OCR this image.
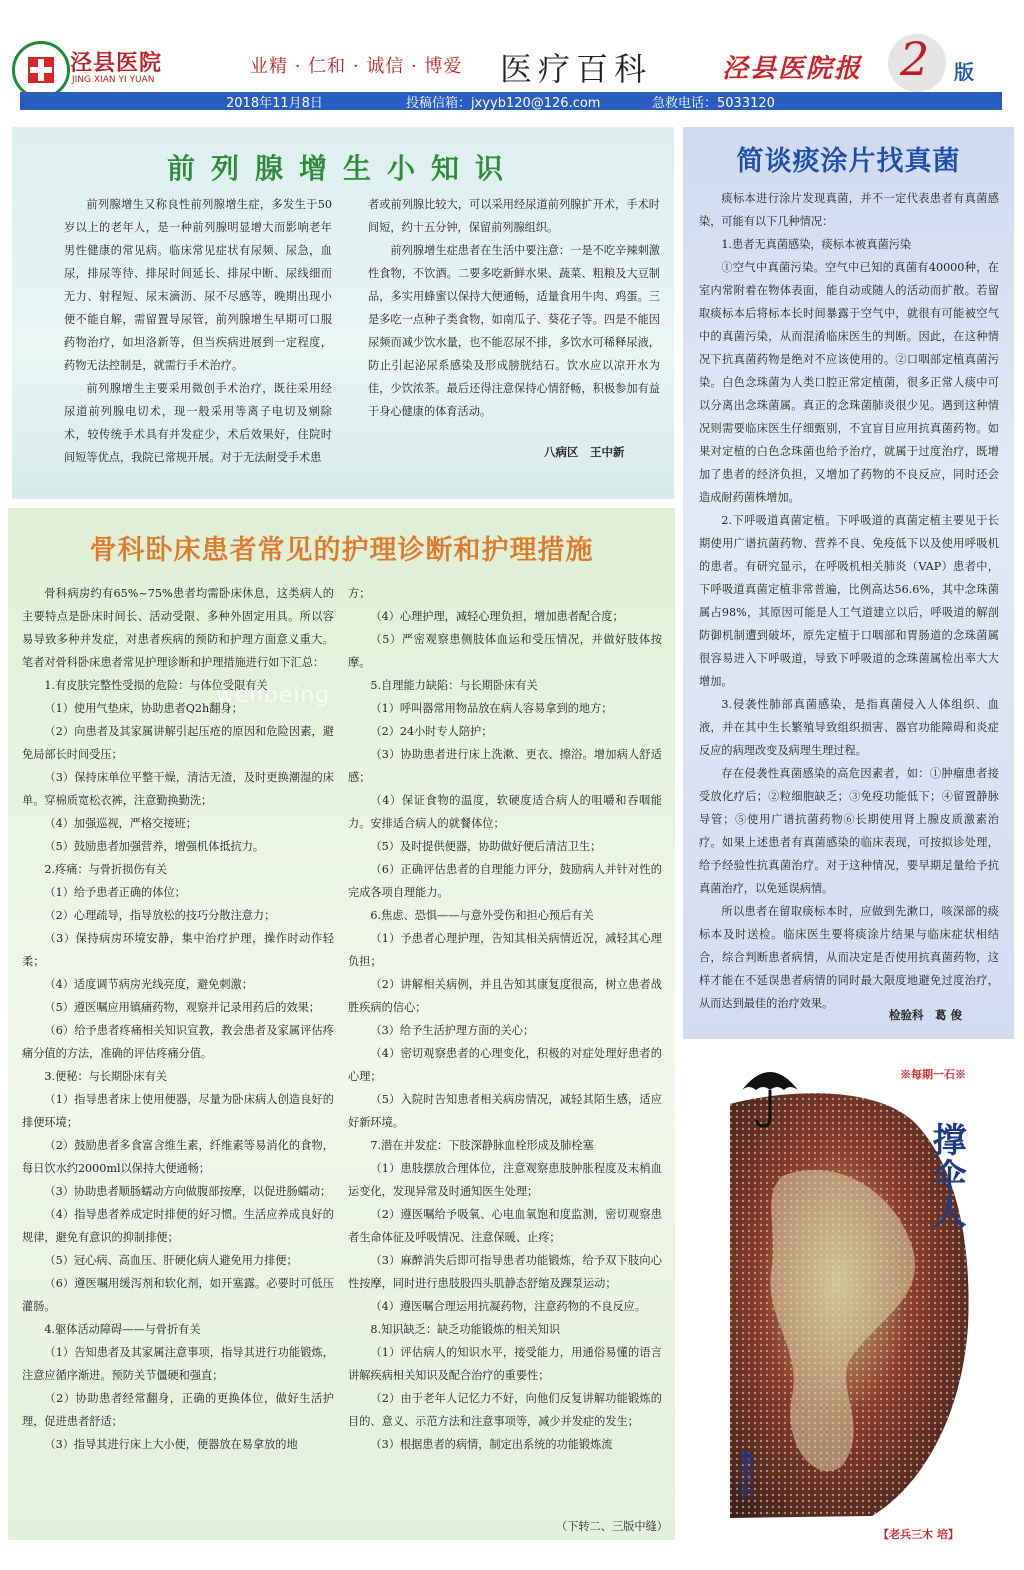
泾县医院
JING XIAN YI YUAN
业精 · 仁和 · 诚信 · 博爱 医疗百科	泾县医院报 2 版
2018年11月8日	投稿信箱：jxyyb120@126.com	急救电话：5033120
前列腺增生小知识

前列腺增生又称良性前列腺增生症，多发生于50岁以上的老年人，是一种前列腺明显增大而影响老年男性健康的常见病。临床常见症状有尿频、尿急，血尿，排尿等待、排尿时间延长、排尿中断、尿线细而无力、射程短、尿末滴沥、尿不尽感等，晚期出现小便不能自解，需留置导尿管，前列腺增生早期可口服药物治疗，如坦洛新等，但当疾病进展到一定程度，药物无法控制是，就需行手术治疗。

前列腺增生主要采用微创手术治疗，既往采用经尿道前列腺电切术，现一般采用等离子电切及剜除术，较传统手术具有并发症少，术后效果好，住院时间短等优点，我院已常规开展。对于无法耐受手术患

者或前列腺比较大，可以采用经尿道前列腺扩开术，手术时间短，约十五分钟，保留前列腺组织。

前列腺增生症患者在生活中要注意：一是不吃辛辣刺激性食物，不饮酒。二要多吃新鲜水果、蔬菜、粗粮及大豆制品，多实用蜂蜜以保持大便通畅，适量食用牛肉、鸡蛋。三是多吃一点种子类食物，如南瓜子、葵花子等。四是不能因尿频而减少饮水量，也不能忍尿不排，多饮水可稀释尿液，防止引起泌尿系感染及形成膀胱结石。饮水应以凉开水为佳，少饮浓茶。最后还得注意保持心情舒畅，积极参加有益于身心健康的体育活动。

八病区　王中新
简谈痰涂片找真菌

痰标本进行涂片发现真菌，并不一定代表患者有真菌感染，可能有以下几种情况：

1.患者无真菌感染，痰标本被真菌污染

①空气中真菌污染。空气中已知的真菌有40000种，在室内常附着在物体表面，能自动或随人的活动而扩散。若留取痰标本后将标本长时间暴露于空气中，就很有可能被空气中的真菌污染，从而混淆临床医生的判断。因此，在这种情况下抗真菌药物是绝对不应该使用的。②口咽部定植真菌污染。白色念珠菌为人类口腔正常定植菌，很多正常人痰中可以分离出念珠菌属。真正的念珠菌肺炎很少见。遇到这种情况则需要临床医生仔细甄别，不宜盲目应用抗真菌药物。如果对定植的白色念珠菌也给予治疗，就属于过度治疗，既增加了患者的经济负担，又增加了药物的不良反应，同时还会造成耐药菌株增加。

2.下呼吸道真菌定植。下呼吸道的真菌定植主要见于长期使用广谱抗菌药物、营养不良、免疫低下以及使用呼吸机的患者。有研究显示，在呼吸机相关肺炎（VAP）患者中，下呼吸道真菌定植非常普遍，比例高达56.6%，其中念珠菌属占98%，其原因可能是人工气道建立以后，呼吸道的解剖防御机制遭到破坏，原先定植于口咽部和胃肠道的念珠菌属很容易进入下呼吸道，导致下呼吸道的念珠菌属检出率大大增加。

3.侵袭性肺部真菌感染，是指真菌侵入人体组织、血液，并在其中生长繁殖导致组织损害、器官功能障碍和炎症反应的病理改变及病理生理过程。

存在侵袭性真菌感染的高危因素者，如：①肿瘤患者接受放化疗后；②粒细胞缺乏；③免疫功能低下；④留置静脉导管；⑤使用广谱抗菌药物⑥长期使用肾上腺皮质激素治疗。如果上述患者有真菌感染的临床表现，可按拟诊处理，给予经验性抗真菌治疗。对于这种情况，要早期足量给予抗真菌治疗，以免延误病情。

所以患者在留取痰标本时，应做到先漱口，咳深部的痰标本及时送检。临床医生要将痰涂片结果与临床症状相结合，综合判断患者病情，从而决定是否使用抗真菌药物，这样才能在不延误患者病情的同时最大限度地避免过度治疗，从而达到最佳的治疗效果。

检验科　葛 俊
骨科卧床患者常见的护理诊断和护理措施
wellbeing

骨科病房约有65%~75%患者均需卧床休息，这类病人的主要特点是卧床时间长、活动受限、多种外固定用具。所以容易导致多种并发症，对患者疾病的预防和护理方面意义重大。笔者对骨科卧床患者常见护理诊断和护理措施进行如下汇总：

1.有皮肤完整性受损的危险：与体位受限有关

（1）使用气垫床，协助患者Q2h翻身；

（2）向患者及其家属讲解引起压疮的原因和危险因素，避免局部长时间受压；

（3）保持床单位平整干燥，清洁无渣，及时更换潮湿的床单。穿棉质宽松衣裤，注意勤换勤洗；

（4）加强巡视，严格交接班；

（5）鼓励患者加强营养，增强机体抵抗力。

2.疼痛：与骨折损伤有关

（1）给予患者正确的体位；

（2）心理疏导，指导放松的技巧分散注意力；

（3）保持病房环境安静，集中治疗护理，操作时动作轻柔；

（4）适度调节病房光线亮度，避免刺激；

（5）遵医嘱应用镇痛药物，观察并记录用药后的效果；

（6）给予患者疼痛相关知识宣教，教会患者及家属评估疼痛分值的方法，准确的评估疼痛分值。

3.便秘：与长期卧床有关

（1）指导患者床上使用便器，尽量为卧床病人创造良好的排便环境；

（2）鼓励患者多食富含维生素，纤维素等易消化的食物，每日饮水约2000ml以保持大便通畅；

（3）协助患者顺肠蠕动方向做腹部按摩，以促进肠蠕动；

（4）指导患者养成定时排便的好习惯。生活应养成良好的规律，避免有意识的抑制排便；

（5）冠心病、高血压、肝硬化病人避免用力排便；

（6）遵医嘱用缓泻剂和软化剂，如开塞露。必要时可低压灌肠。

4.躯体活动障碍——与骨折有关

（1）告知患者及其家属注意事项，指导其进行功能锻炼，注意应循序渐进。预防关节僵硬和强直；

（2）协助患者经常翻身，正确的更换体位，做好生活护理，促进患者舒适；

（3）指导其进行床上大小便，便器放在易拿放的地

方；

（4）心理护理，减轻心理负担，增加患者配合度；

（5）严密观察患侧肢体血运和受压情况，并做好肢体按摩。

5.自理能力缺陷：与长期卧床有关

（1）呼叫器常用物品放在病人容易拿到的地方；

（2）24小时专人陪护；

（3）协助患者进行床上洗漱、更衣、擦浴。增加病人舒适感；

（4）保证食物的温度，软硬度适合病人的咀嚼和吞咽能力。安排适合病人的就餐体位；

（5）及时提供便器，协助做好便后清洁卫生；

（6）正确评估患者的自理能力评分，鼓励病人并针对性的完成各项自理能力。

6.焦虑、恐惧——与意外受伤和担心预后有关

（1）予患者心理护理，告知其相关病情近况，减轻其心理负担；

（2）讲解相关病例，并且告知其康复度很高，树立患者战胜疾病的信心；

（3）给予生活护理方面的关心；

（4）密切观察患者的心理变化，积极的对症处理好患者的心理；

（5）入院时告知患者相关病房情况，减轻其陌生感，适应好新环境。

7.潜在并发症：下肢深静脉血栓形成及肺栓塞

（1）患肢摆放合理体位，注意观察患肢肿胀程度及末梢血运变化，发现异常及时通知医生处理；

（2）遵医嘱给予吸氧、心电血氧饱和度监测，密切观察患者生命体征及呼吸情况、注意保暖、止疼；

（3）麻醉消失后即可指导患者功能锻炼，给予双下肢向心性按摩，同时进行患肢股四头肌静态舒缩及踝泵运动；

（4）遵医嘱合理运用抗凝药物，注意药物的不良反应。

8.知识缺乏：缺乏功能锻炼的相关知识

（1）评估病人的知识水平，接受能力，用通俗易懂的语言讲解疾病相关知识及配合治疗的重要性；

（2）由于老年人记忆力不好，向他们反复讲解功能锻炼的目的、意义、示范方法和注意事项等，减少并发症的发生；

（3）根据患者的病情，制定出系统的功能锻炼流

（下转二、三版中缝）
※每期一石※
撑伞人
景文石
【老兵三木 培】
